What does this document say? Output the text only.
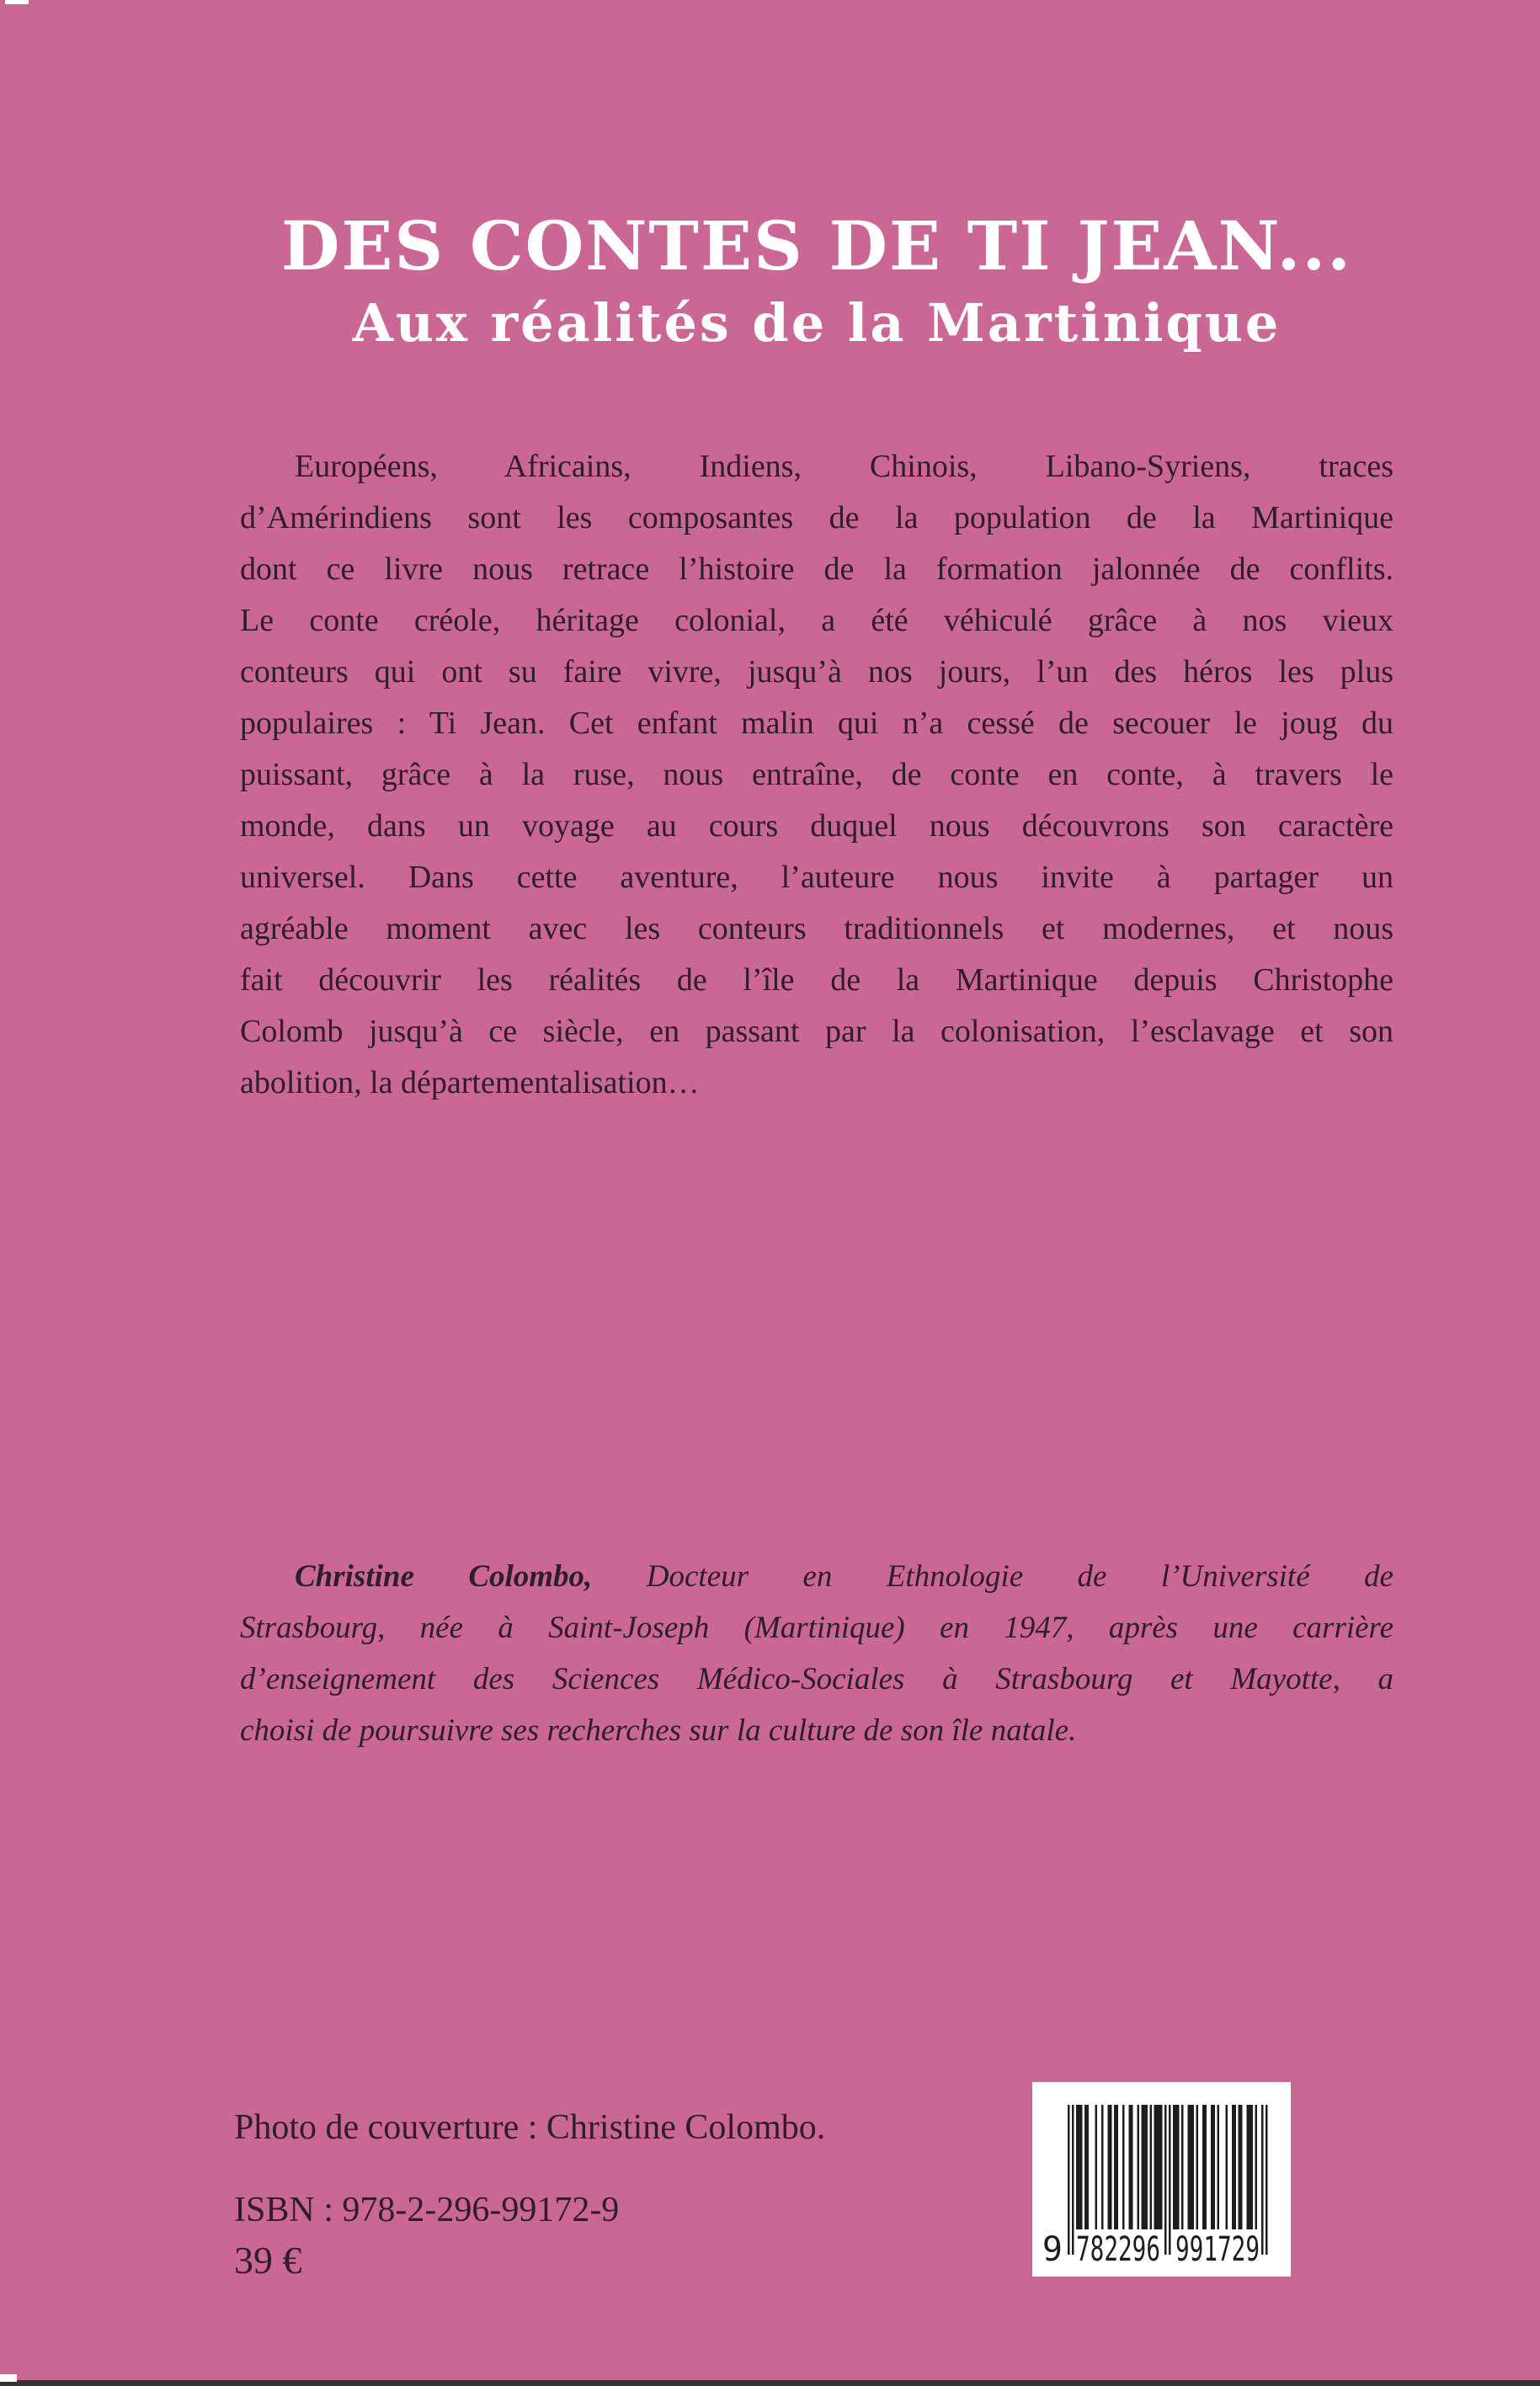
DES CONTES DE TI JEAN...
Aux réalités de la Martinique
Européens, Africains, Indiens, Chinois, Libano-Syriens, traces
d’Amérindiens sont les composantes de la population de la Martinique
dont ce livre nous retrace l’histoire de la formation jalonnée de conflits.
Le conte créole, héritage colonial, a été véhiculé grâce à nos vieux
conteurs qui ont su faire vivre, jusqu’à nos jours, l’un des héros les plus
populaires : Ti Jean. Cet enfant malin qui n’a cessé de secouer le joug du
puissant, grâce à la ruse, nous entraîne, de conte en conte, à travers le
monde, dans un voyage au cours duquel nous découvrons son caractère
universel. Dans cette aventure, l’auteure nous invite à partager un
agréable moment avec les conteurs traditionnels et modernes, et nous
fait découvrir les réalités de l’île de la Martinique depuis Christophe
Colomb jusqu’à ce siècle, en passant par la colonisation, l’esclavage et son
abolition, la départementalisation…
Christine Colombo, Docteur en Ethnologie de l’Université de
Strasbourg, née à Saint-Joseph (Martinique) en 1947, après une carrière
d’enseignement des Sciences Médico-Sociales à Strasbourg et Mayotte, a
choisi de poursuivre ses recherches sur la culture de son île natale.
Photo de couverture : Christine Colombo.
ISBN : 978-2-296-99172-9
39 €	9 782296 991729
